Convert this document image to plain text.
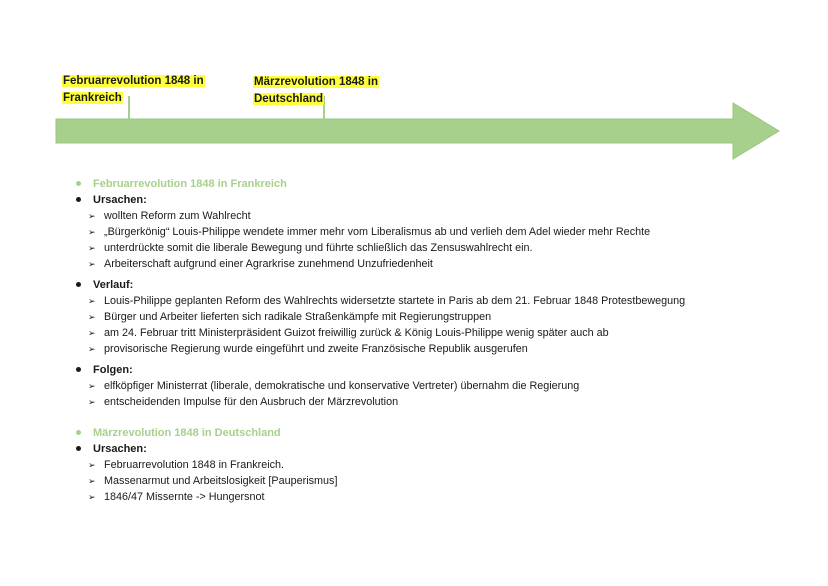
Februarrevolution 1848 in
Frankreich
Märzrevolution 1848 in
Deutschland
Februarrevolution 1848 in Frankreich
Ursachen:
➢ wollten Reform zum Wahlrecht
➢ „Bürgerkönig“ Louis-Philippe wendete immer mehr vom Liberalismus ab und verlieh dem Adel wieder mehr Rechte
➢ unterdrückte somit die liberale Bewegung und führte schließlich das Zensuswahlrecht ein.
➢ Arbeiterschaft aufgrund einer Agrarkrise zunehmend Unzufriedenheit
Verlauf:
➢ Louis-Philippe geplanten Reform des Wahlrechts widersetzte startete in Paris ab dem 21. Februar 1848 Protestbewegung
➢ Bürger und Arbeiter lieferten sich radikale Straßenkämpfe mit Regierungstruppen
➢ am 24. Februar tritt Ministerpräsident Guizot freiwillig zurück & König Louis-Philippe wenig später auch ab
➢ provisorische Regierung wurde eingeführt und zweite Französische Republik ausgerufen
Folgen:
➢ elfköpfiger Ministerrat (liberale, demokratische und konservative Vertreter) übernahm die Regierung
➢ entscheidenden Impulse für den Ausbruch der Märzrevolution
Märzrevolution 1848 in Deutschland
Ursachen:
➢ Februarrevolution 1848 in Frankreich.
➢ Massenarmut und Arbeitslosigkeit [Pauperismus]
➢ 1846/47 Missernte -> Hungersnot
